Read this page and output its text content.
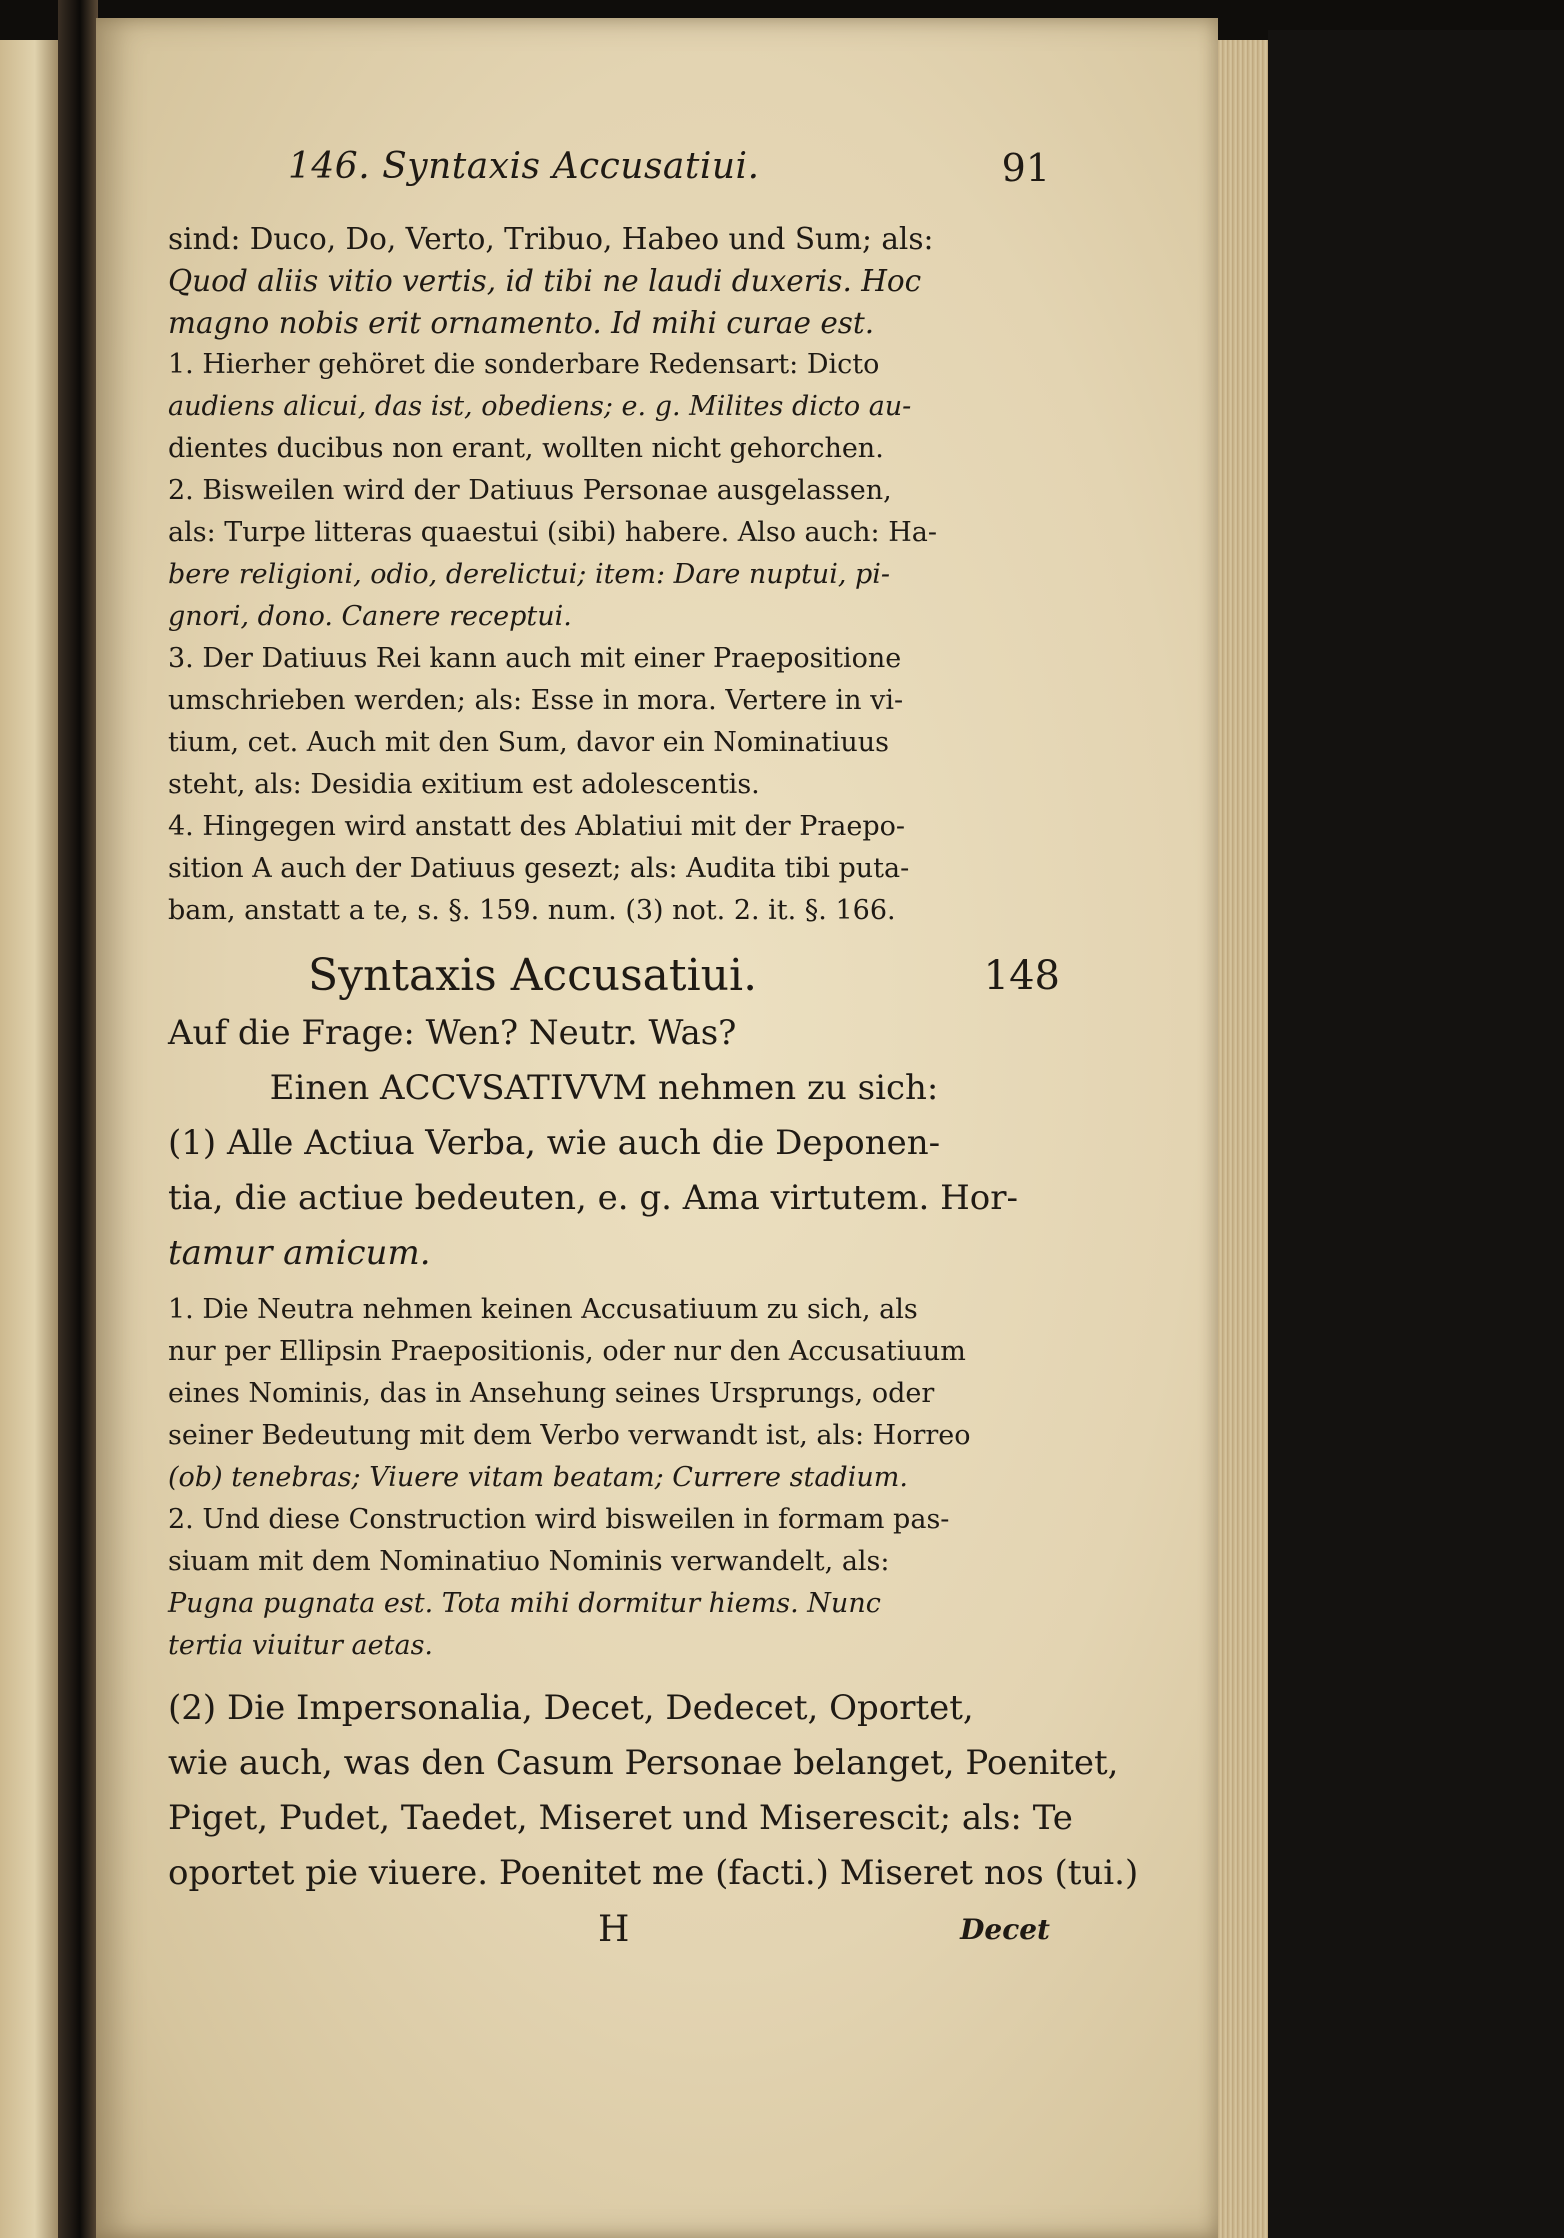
146. Syntaxis Accusatiui.	91
sind: Duco, Do, Verto, Tribuo, Habeo und Sum; als:
Quod aliis vitio vertis, id tibi ne laudi duxeris. Hoc
magno nobis erit ornamento. Id mihi curae est.
1. Hierher gehöret die sonderbare Redensart: Dicto
audiens alicui, das ist, obediens; e. g. Milites dicto au-
dientes ducibus non erant, wollten nicht gehorchen.
2. Bisweilen wird der Datiuus Personae ausgelassen,
als: Turpe litteras quaestui (sibi) habere. Also auch: Ha-
bere religioni, odio, derelictui; item: Dare nuptui, pi-
gnori, dono. Canere receptui.
3. Der Datiuus Rei kann auch mit einer Praepositione
umschrieben werden; als: Esse in mora. Vertere in vi-
tium, cet. Auch mit den Sum, davor ein Nominatiuus
steht, als: Desidia exitium est adolescentis.
4. Hingegen wird anstatt des Ablatiui mit der Praepo-
sition A auch der Datiuus gesezt; als: Audita tibi puta-
bam, anstatt a te, s. §. 159. num. (3) not. 2. it. §. 166.
Syntaxis Accusatiui.	148
Auf die Frage: Wen? Neutr. Was?
Einen ACCVSATIVVM nehmen zu sich:
(1) Alle Actiua Verba, wie auch die Deponen-
tia, die actiue bedeuten, e. g. Ama virtutem. Hor-
tamur amicum.
1. Die Neutra nehmen keinen Accusatiuum zu sich, als
nur per Ellipsin Praepositionis, oder nur den Accusatiuum
eines Nominis, das in Ansehung seines Ursprungs, oder
seiner Bedeutung mit dem Verbo verwandt ist, als: Horreo
(ob) tenebras; Viuere vitam beatam; Currere stadium.
2. Und diese Construction wird bisweilen in formam pas-
siuam mit dem Nominatiuo Nominis verwandelt, als:
Pugna pugnata est. Tota mihi dormitur hiems. Nunc
tertia viuitur aetas.
(2) Die Impersonalia, Decet, Dedecet, Oportet,
wie auch, was den Casum Personae belanget, Poenitet,
Piget, Pudet, Taedet, Miseret und Miserescit; als: Te
oportet pie viuere. Poenitet me (facti.) Miseret nos (tui.)
H	Decet
